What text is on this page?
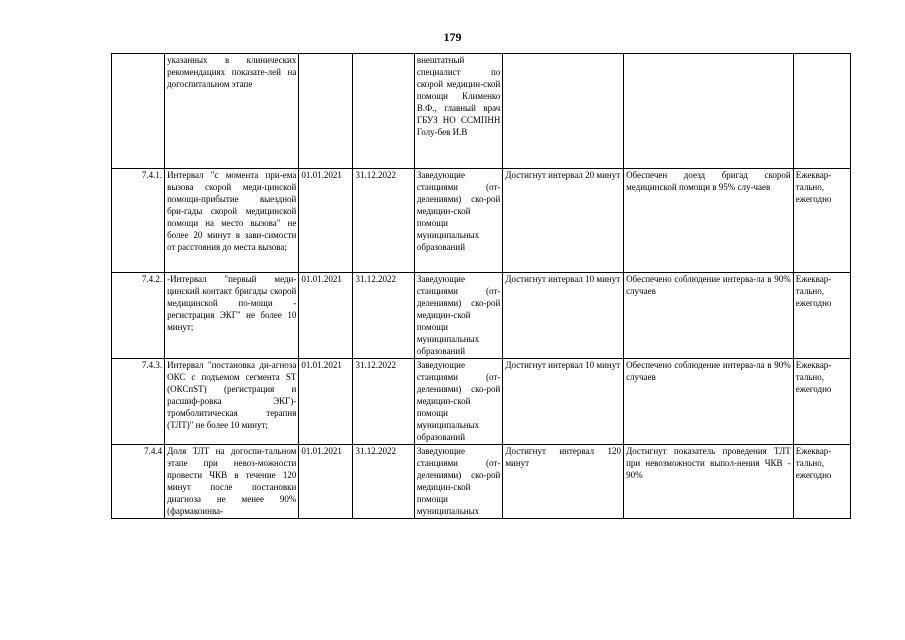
179
	указанных в клинических рекомендациях показате-лей на догоспитальном этапе			внештатный специалист по скорой медицин-ской помощи Клименко В.Ф., главный врач ГБУЗ НО ССМПНН Голу-бев И.В			
7.4.1.	Интервал "с момента при-ема вызова скорой меди-цинской помощи-прибытие выездной бри-гады скорой медицинской помощи на место вызова" не более 20 минут в зави-симости от расстояния до места вызова;	01.01.2021	31.12.2022	Заведующие станциями (от-делениями) ско-рой медицин-ской помощи муниципальных образований	Достигнут интервал 20 минут	Обеспечен доезд бригад скорой медицинской помощи в 95% слу-чаев	Ежеквар-тально, ежегодно
7.4.2.	-Интервал "первый меди-цинский контакт бригады скорой медицинской по-мощи - регистрация ЭКГ" не более 10 минут;	01.01.2021	31.12.2022	Заведующие станциями (от-делениями) ско-рой медицин-ской помощи муниципальных образований	Достигнут интервал 10 минут	Обеспечено соблюдение интерва-ла в 90% случаев	Ежеквар-тально, ежегодно
7.4.3.	Интервал "постановка ди-агноза ОКС с подъемом сегмента ST (ОКСпST) (регистрация и расшиф-ровка ЭКГ)-тромболитическая терапия (ТЛТ)" не более 10 минут;	01.01.2021	31.12.2022	Заведующие станциями (от-делениями) ско-рой медицин-ской помощи муниципальных образований	Достигнут интервал 10 минут	Обеспечено соблюдение интерва-ла в 90% случаев	Ежеквар-тально, ежегодно
7.4.4	Доля ТЛТ на догоспи-тальном этапе при невоз-можности провести ЧКВ в течение 120 минут после постановки диагноза не менее 90% (фармакоинва-	01.01.2021	31.12.2022	Заведующие станциями (от-делениями) ско-рой медицин-ской помощи муниципальных	Достигнут интервал 120 минут	Достигнут показатель проведения ТЛТ при невозможности выпол-нения ЧКВ - 90%	Ежеквар-тально, ежегодно
